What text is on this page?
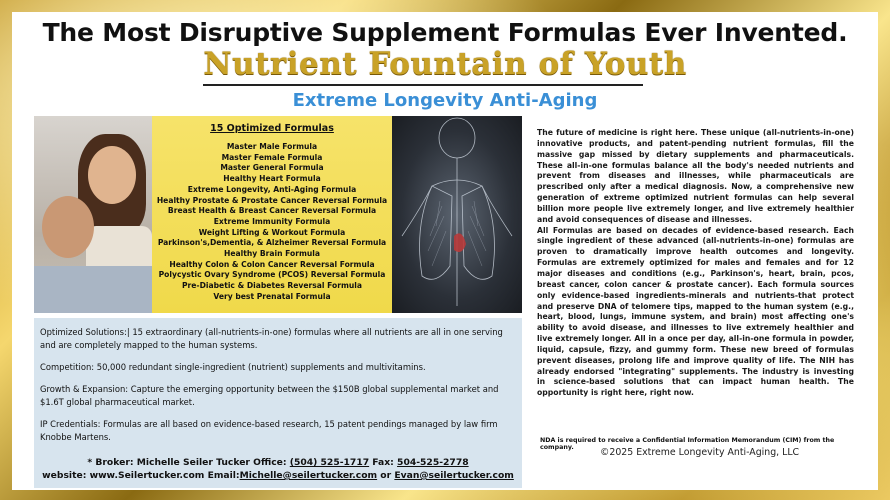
The Most Disruptive Supplement Formulas Ever Invented.
Nutrient Fountain of Youth
Extreme Longevity Anti-Aging
15 Optimized Formulas
Master Male Formula
Master Female Formula
Master General Formula
Healthy Heart Formula
Extreme Longevity, Anti-Aging Formula
Healthy Prostate & Prostate Cancer Reversal Formula
Breast Health & Breast Cancer Reversal Formula
Extreme Immunity Formula
Weight Lifting & Workout Formula
Parkinson's,Dementia, & Alzheimer Reversal Formula
Healthy Brain Formula
Healthy Colon & Colon Cancer Reversal Formula
Polycystic Ovary Syndrome (PCOS) Reversal Formula
Pre-Diabetic & Diabetes Reversal Formula
Very best Prenatal Formula

Optimized Solutions:| 15 extraordinary (all-nutrients-in-one) formulas where all nutrients are all in one serving and are completely mapped to the human systems.

Competition: 50,000 redundant single-ingredient (nutrient) supplements and multivitamins.

Growth & Expansion: Capture the emerging opportunity between the $150B global supplemental market and $1.6T global pharmaceutical market.

IP Credentials: Formulas are all based on evidence-based research, 15 patent pendings managed by law firm Knobbe Martens.

* Broker: Michelle Seiler Tucker Office: (504) 525-1717 Fax: 504-525-2778
website: www.Seilertucker.com Email:Michelle@seilertucker.com or Evan@seilertucker.com

The future of medicine is right here. These unique (all-nutrients-in-one) innovative products, and patent-pending nutrient formulas, fill the massive gap missed by dietary supplements and pharmaceuticals. These all-in-one formulas balance all the body's needed nutrients and prevent from diseases and illnesses, while pharmaceuticals are prescribed only after a medical diagnosis. Now, a comprehensive new generation of extreme optimized nutrient formulas can help several billion more people live extremely longer, and live extremely healthier and avoid consequences of disease and illnesses.

All Formulas are based on decades of evidence-based research. Each single ingredient of these advanced (all-nutrients-in-one) formulas are proven to dramatically improve health outcomes and longevity. Formulas are extremely optimized for males and females and for 12 major diseases and conditions (e.g., Parkinson's, heart, brain, pcos, breast cancer, colon cancer & prostate cancer). Each formula sources only evidence-based ingredients-minerals and nutrients-that protect and preserve DNA of telomere tips, mapped to the human system (e.g., heart, blood, lungs, immune system, and brain) most affecting one's ability to avoid disease, and illnesses to live extremely healthier and live extremely longer. All in a once per day, all-in-one formula in powder, liquid, capsule, fizzy, and gummy form. These new breed of formulas prevent diseases, prolong life and improve quality of life. The NIH has already endorsed "integrating" supplements. The industry is investing in science-based solutions that can impact human health. The opportunity is right here, right now.

NDA is required to receive a Confidential Information Memorandum (CIM) from the company.	©2025 Extreme Longevity Anti-Aging, LLC
